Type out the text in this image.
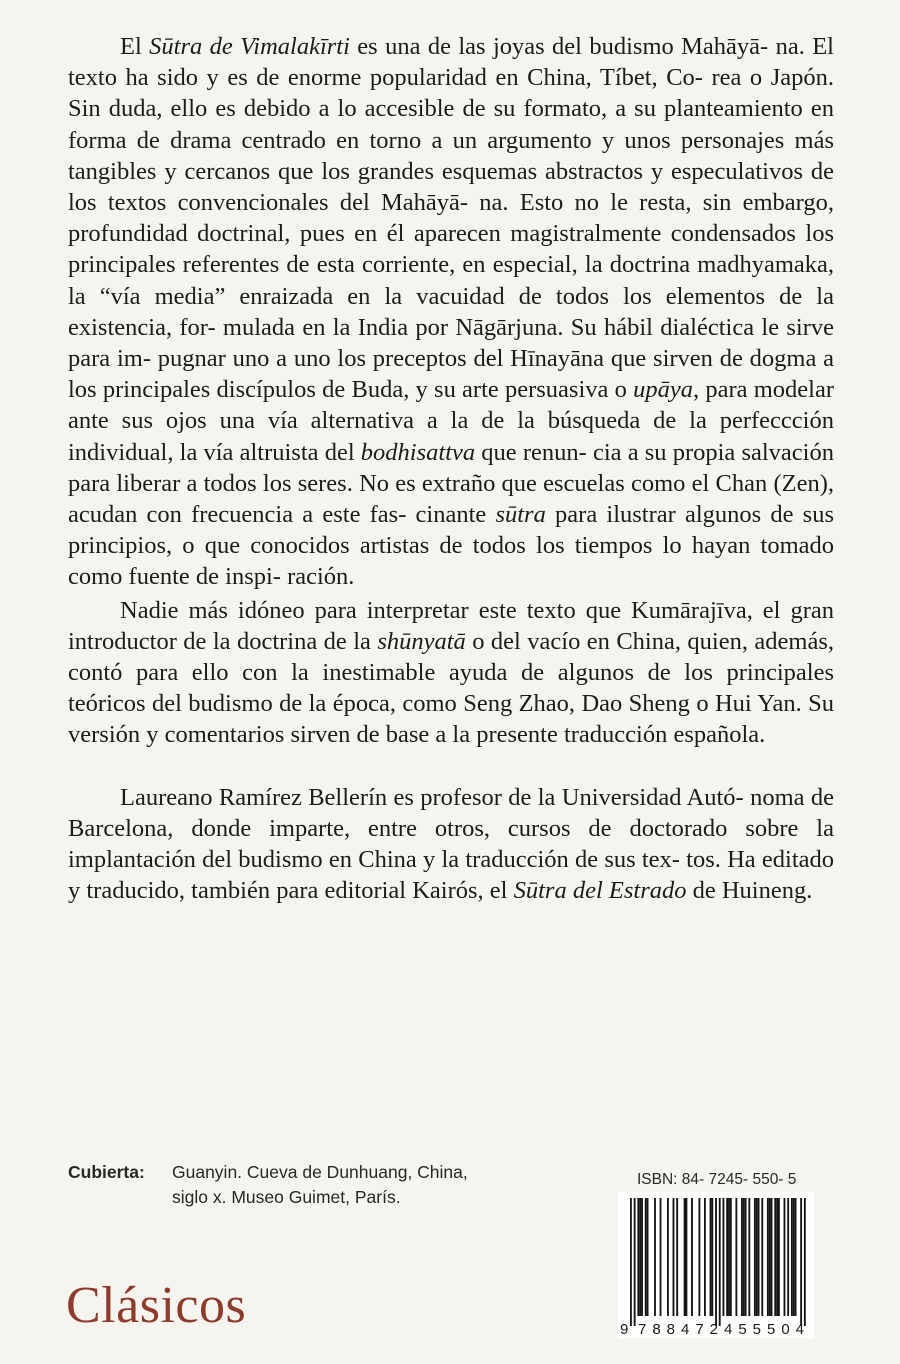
El Sūtra de Vimalakīrti es una de las joyas del budismo Mahāyā- na. El texto ha sido y es de enorme popularidad en China, Tíbet, Co- rea o Japón. Sin duda, ello es debido a lo accesible de su formato, a su planteamiento en forma de drama centrado en torno a un argumento y unos personajes más tangibles y cercanos que los grandes esquemas abstractos y especulativos de los textos convencionales del Mahāyā- na. Esto no le resta, sin embargo, profundidad doctrinal, pues en él aparecen magistralmente condensados los principales referentes de esta corriente, en especial, la doctrina madhyamaka, la “vía media” enraizada en la vacuidad de todos los elementos de la existencia, for- mulada en la India por Nāgārjuna. Su hábil dialéctica le sirve para im- pugnar uno a uno los preceptos del Hīnayāna que sirven de dogma a los principales discípulos de Buda, y su arte persuasiva o upāya, para modelar ante sus ojos una vía alternativa a la de la búsqueda de la perfeccción individual, la vía altruista del bodhisattva que renun- cia a su propia salvación para liberar a todos los seres. No es extraño que escuelas como el Chan (Zen), acudan con frecuencia a este fas- cinante sūtra para ilustrar algunos de sus principios, o que conocidos artistas de todos los tiempos lo hayan tomado como fuente de inspi- ración.

Nadie más idóneo para interpretar este texto que Kumārajīva, el gran introductor de la doctrina de la shūnyatā o del vacío en China, quien, además, contó para ello con la inestimable ayuda de algunos de los principales teóricos del budismo de la época, como Seng Zhao, Dao Sheng o Hui Yan. Su versión y comentarios sirven de base a la presente traducción española.

Laureano Ramírez Bellerín es profesor de la Universidad Autó- noma de Barcelona, donde imparte, entre otros, cursos de doctorado sobre la implantación del budismo en China y la traducción de sus tex- tos. Ha editado y traducido, también para editorial Kairós, el Sūtra del Estrado de Huineng.

Cubierta: Guanyin. Cueva de Dunhuang, China,
siglo x. Museo Guimet, París.
ISBN: 84- 7245- 550- 5
9 788472 455504
Clásicos
